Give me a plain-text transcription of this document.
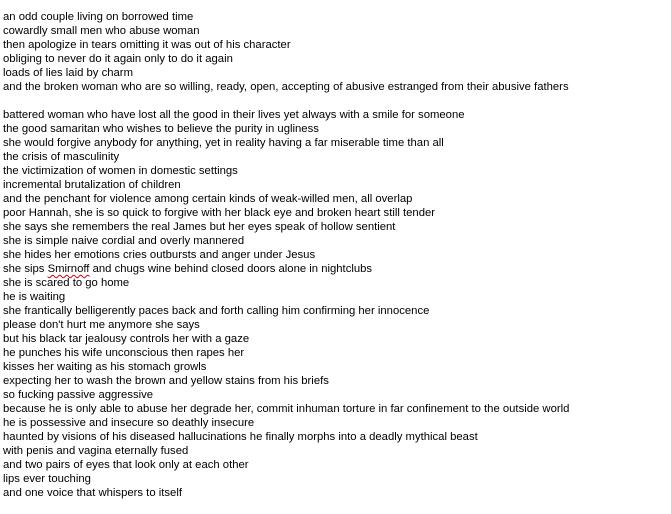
an odd couple living on borrowed time
cowardly small men who abuse woman
then apologize in tears omitting it was out of his character
obliging to never do it again only to do it again
loads of lies laid by charm
and the broken woman who are so willing, ready, open, accepting of abusive estranged from their abusive fathers
battered woman who have lost all the good in their lives yet always with a smile for someone
the good samaritan who wishes to believe the purity in ugliness
she would forgive anybody for anything, yet in reality having a far miserable time than all
the crisis of masculinity
the victimization of women in domestic settings
incremental brutalization of children
and the penchant for violence among certain kinds of weak-willed men, all overlap
poor Hannah, she is so quick to forgive with her black eye and broken heart still tender
she says she remembers the real James but her eyes speak of hollow sentient
she is simple naive cordial and overly mannered
she hides her emotions cries outbursts and anger under Jesus
she sips Smirnoff and chugs wine behind closed doors alone in nightclubs
she is scared to go home
he is waiting
she frantically belligerently paces back and forth calling him confirming her innocence
please don't hurt me anymore she says
but his black tar jealousy controls her with a gaze
he punches his wife unconscious then rapes her
kisses her waiting as his stomach growls
expecting her to wash the brown and yellow stains from his briefs
so fucking passive aggressive
because he is only able to abuse her degrade her, commit inhuman torture in far confinement to the outside world
he is possessive and insecure so deathly insecure
haunted by visions of his diseased hallucinations he finally morphs into a deadly mythical beast
with penis and vagina eternally fused
and two pairs of eyes that look only at each other
lips ever touching
and one voice that whispers to itself
